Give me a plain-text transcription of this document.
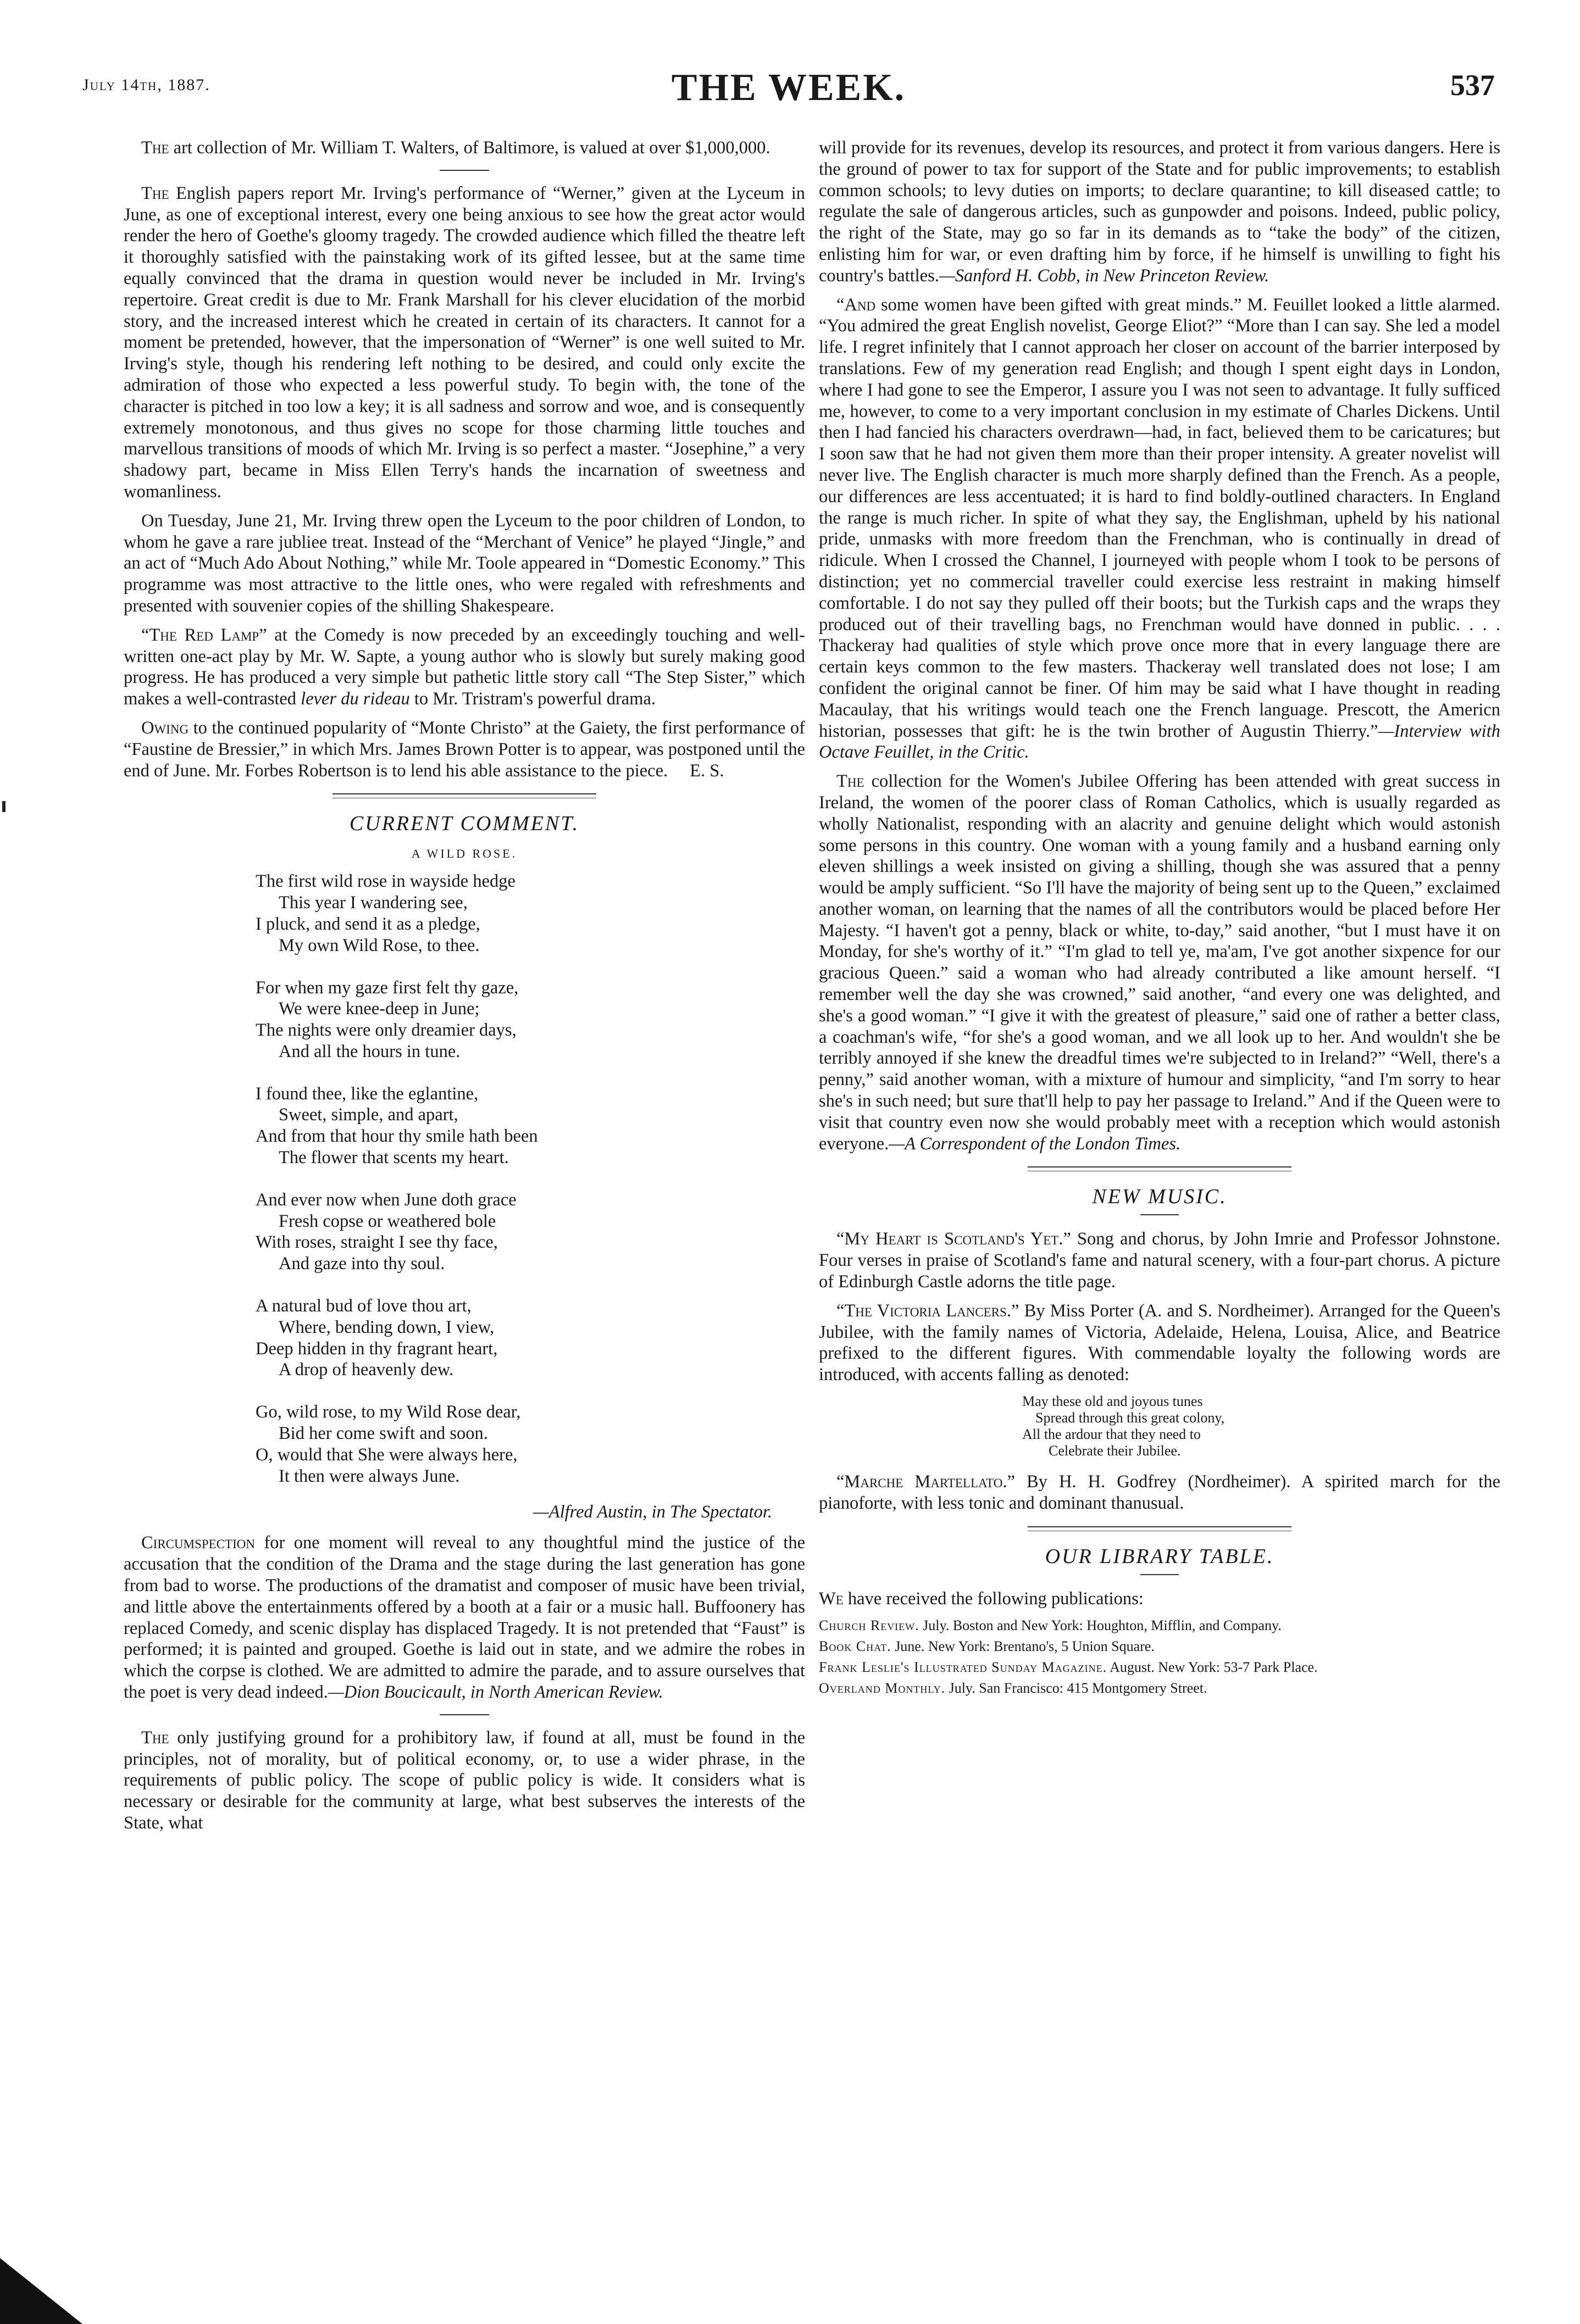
July 14th, 1887.	THE WEEK.	537

The art collection of Mr. William T. Walters, of Baltimore, is valued at over $1,000,000.

The English papers report Mr. Irving's performance of “Werner,” given at the Lyceum in June, as one of exceptional interest, every one being anxious to see how the great actor would render the hero of Goethe's gloomy tragedy. The crowded audience which filled the theatre left it thoroughly satisfied with the painstaking work of its gifted lessee, but at the same time equally convinced that the drama in question would never be included in Mr. Irving's repertoire. Great credit is due to Mr. Frank Marshall for his clever elucidation of the morbid story, and the increased interest which he created in certain of its characters. It cannot for a moment be pretended, however, that the impersonation of “Werner” is one well suited to Mr. Irving's style, though his rendering left nothing to be desired, and could only excite the admiration of those who expected a less powerful study. To begin with, the tone of the character is pitched in too low a key; it is all sadness and sorrow and woe, and is consequently extremely monotonous, and thus gives no scope for those charming little touches and marvellous transitions of moods of which Mr. Irving is so perfect a master. “Josephine,” a very shadowy part, became in Miss Ellen Terry's hands the incarnation of sweetness and womanliness.

On Tuesday, June 21, Mr. Irving threw open the Lyceum to the poor children of London, to whom he gave a rare jubliee treat. Instead of the “Merchant of Venice” he played “Jingle,” and an act of “Much Ado About Nothing,” while Mr. Toole appeared in “Domestic Economy.” This programme was most attractive to the little ones, who were regaled with refreshments and presented with souvenier copies of the shilling Shakespeare.

“The Red Lamp” at the Comedy is now preceded by an exceedingly touching and well-written one-act play by Mr. W. Sapte, a young author who is slowly but surely making good progress. He has produced a very simple but pathetic little story call “The Step Sister,” which makes a well-contrasted lever du rideau to Mr. Tristram's powerful drama.

Owing to the continued popularity of “Monte Christo” at the Gaiety, the first performance of “Faustine de Bressier,” in which Mrs. James Brown Potter is to appear, was postponed until the end of June. Mr. Forbes Robertson is to lend his able assistance to the piece. E. S.

CURRENT COMMENT.
A WILD ROSE.
The first wild rose in wayside hedge
This year I wandering see,
I pluck, and send it as a pledge,
My own Wild Rose, to thee.
For when my gaze first felt thy gaze,
We were knee-deep in June;
The nights were only dreamier days,
And all the hours in tune.
I found thee, like the eglantine,
Sweet, simple, and apart,
And from that hour thy smile hath been
The flower that scents my heart.
And ever now when June doth grace
Fresh copse or weathered bole
With roses, straight I see thy face,
And gaze into thy soul.
A natural bud of love thou art,
Where, bending down, I view,
Deep hidden in thy fragrant heart,
A drop of heavenly dew.
Go, wild rose, to my Wild Rose dear,
Bid her come swift and soon.
O, would that She were always here,
It then were always June.
—Alfred Austin, in The Spectator.

Circumspection for one moment will reveal to any thoughtful mind the justice of the accusation that the condition of the Drama and the stage during the last generation has gone from bad to worse. The productions of the dramatist and composer of music have been trivial, and little above the entertainments offered by a booth at a fair or a music hall. Buffoonery has replaced Comedy, and scenic display has displaced Tragedy. It is not pretended that “Faust” is performed; it is painted and grouped. Goethe is laid out in state, and we admire the robes in which the corpse is clothed. We are admitted to admire the parade, and to assure ourselves that the poet is very dead indeed.—Dion Boucicault, in North American Review.

The only justifying ground for a prohibitory law, if found at all, must be found in the principles, not of morality, but of political economy, or, to use a wider phrase, in the requirements of public policy. The scope of public policy is wide. It considers what is necessary or desirable for the community at large, what best subserves the interests of the State, what

will provide for its revenues, develop its resources, and protect it from various dangers. Here is the ground of power to tax for support of the State and for public improvements; to establish common schools; to levy duties on imports; to declare quarantine; to kill diseased cattle; to regulate the sale of dangerous articles, such as gunpowder and poisons. Indeed, public policy, the right of the State, may go so far in its demands as to “take the body” of the citizen, enlisting him for war, or even drafting him by force, if he himself is unwilling to fight his country's battles.—Sanford H. Cobb, in New Princeton Review.

“And some women have been gifted with great minds.” M. Feuillet looked a little alarmed. “You admired the great English novelist, George Eliot?” “More than I can say. She led a model life. I regret infinitely that I cannot approach her closer on account of the barrier interposed by translations. Few of my generation read English; and though I spent eight days in London, where I had gone to see the Emperor, I assure you I was not seen to advantage. It fully sufficed me, however, to come to a very important conclusion in my estimate of Charles Dickens. Until then I had fancied his characters overdrawn—had, in fact, believed them to be caricatures; but I soon saw that he had not given them more than their proper intensity. A greater novelist will never live. The English character is much more sharply defined than the French. As a people, our differences are less accentuated; it is hard to find boldly-outlined characters. In England the range is much richer. In spite of what they say, the Englishman, upheld by his national pride, unmasks with more freedom than the Frenchman, who is continually in dread of ridicule. When I crossed the Channel, I journeyed with people whom I took to be persons of distinction; yet no commercial traveller could exercise less restraint in making himself comfortable. I do not say they pulled off their boots; but the Turkish caps and the wraps they produced out of their travelling bags, no Frenchman would have donned in public. . . . Thackeray had qualities of style which prove once more that in every language there are certain keys common to the few masters. Thackeray well translated does not lose; I am confident the original cannot be finer. Of him may be said what I have thought in reading Macaulay, that his writings would teach one the French language. Prescott, the Americn historian, possesses that gift: he is the twin brother of Augustin Thierry.”—Interview with Octave Feuillet, in the Critic.

The collection for the Women's Jubilee Offering has been attended with great success in Ireland, the women of the poorer class of Roman Catholics, which is usually regarded as wholly Nationalist, responding with an alacrity and genuine delight which would astonish some persons in this country. One woman with a young family and a husband earning only eleven shillings a week insisted on giving a shilling, though she was assured that a penny would be amply sufficient. “So I'll have the majority of being sent up to the Queen,” exclaimed another woman, on learning that the names of all the contributors would be placed before Her Majesty. “I haven't got a penny, black or white, to-day,” said another, “but I must have it on Monday, for she's worthy of it.” “I'm glad to tell ye, ma'am, I've got another sixpence for our gracious Queen.” said a woman who had already contributed a like amount herself. “I remember well the day she was crowned,” said another, “and every one was delighted, and she's a good woman.” “I give it with the greatest of pleasure,” said one of rather a better class, a coachman's wife, “for she's a good woman, and we all look up to her. And wouldn't she be terribly annoyed if she knew the dreadful times we're subjected to in Ireland?” “Well, there's a penny,” said another woman, with a mixture of humour and simplicity, “and I'm sorry to hear she's in such need; but sure that'll help to pay her passage to Ireland.” And if the Queen were to visit that country even now she would probably meet with a reception which would astonish everyone.—A Correspondent of the London Times.

NEW MUSIC.

“My Heart is Scotland's Yet.” Song and chorus, by John Imrie and Professor Johnstone. Four verses in praise of Scotland's fame and natural scenery, with a four-part chorus. A picture of Edinburgh Castle adorns the title page.

“The Victoria Lancers.” By Miss Porter (A. and S. Nordheimer). Arranged for the Queen's Jubilee, with the family names of Victoria, Adelaide, Helena, Louisa, Alice, and Beatrice prefixed to the different figures. With commendable loyalty the following words are introduced, with accents falling as denoted:

May these old and joyous tunes
Spread through this great colony,
All the ardour that they need to
Celebrate their Jubilee.

“Marche Martellato.” By H. H. Godfrey (Nordheimer). A spirited march for the pianoforte, with less tonic and dominant thanusual.

OUR LIBRARY TABLE.

We have received the following publications:

Church Review. July. Boston and New York: Houghton, Mifflin, and Company.
Book Chat. June. New York: Brentano's, 5 Union Square.
Frank Leslie's Illustrated Sunday Magazine. August. New York: 53-7 Park Place.
Overland Monthly. July. San Francisco: 415 Montgomery Street.
